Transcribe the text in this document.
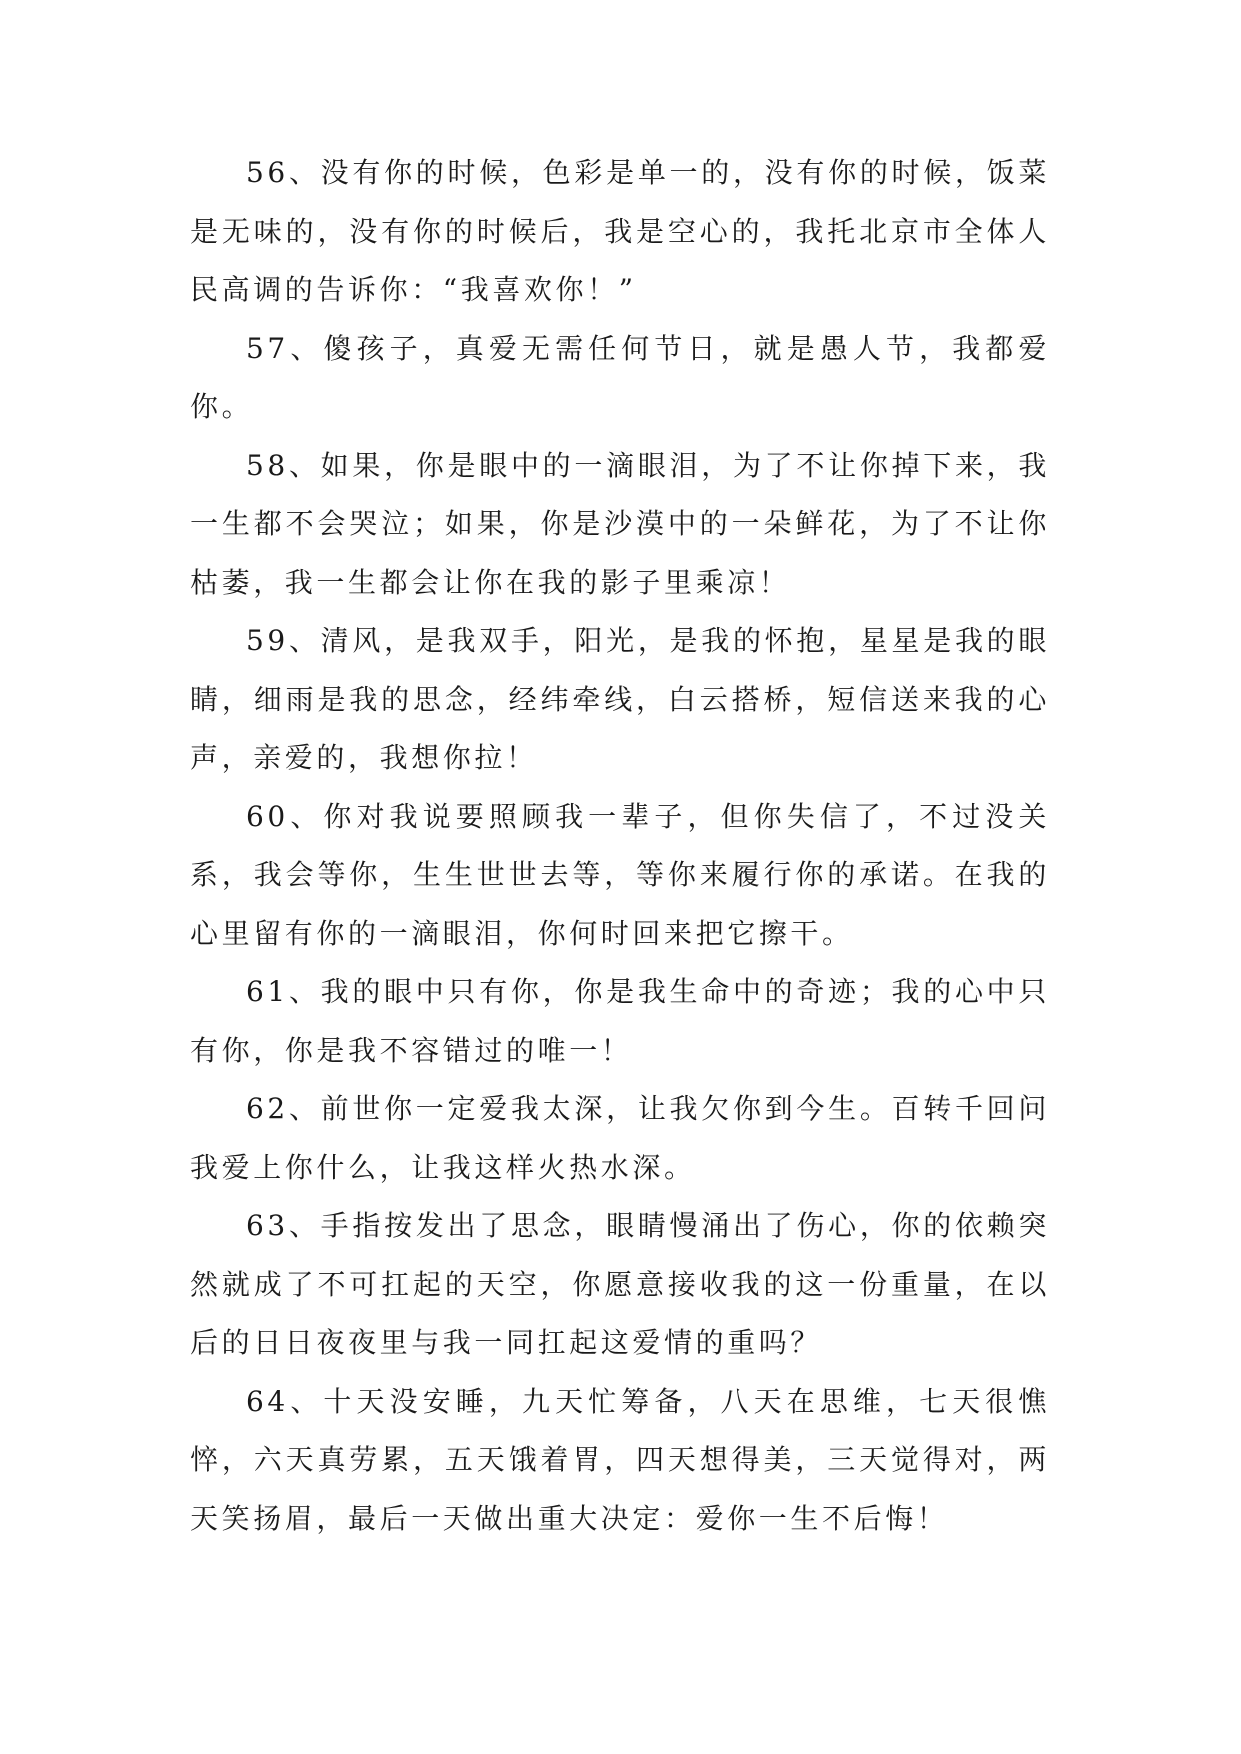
56、没有你的时候，色彩是单一的，没有你的时候，饭菜是无味的，没有你的时候后，我是空心的，我托北京市全体人民高调的告诉你：“我喜欢你！”

57、傻孩子，真爱无需任何节日，就是愚人节，我都爱你。

58、如果，你是眼中的一滴眼泪，为了不让你掉下来，我一生都不会哭泣；如果，你是沙漠中的一朵鲜花，为了不让你枯萎，我一生都会让你在我的影子里乘凉！

59、清风，是我双手，阳光，是我的怀抱，星星是我的眼睛，细雨是我的思念，经纬牵线，白云搭桥，短信送来我的心声，亲爱的，我想你拉！

60、你对我说要照顾我一辈子，但你失信了，不过没关系，我会等你，生生世世去等，等你来履行你的承诺。在我的心里留有你的一滴眼泪，你何时回来把它擦干。

61、我的眼中只有你，你是我生命中的奇迹；我的心中只有你，你是我不容错过的唯一！

62、前世你一定爱我太深，让我欠你到今生。百转千回问我爱上你什么，让我这样火热水深。

63、手指按发出了思念，眼睛慢涌出了伤心，你的依赖突然就成了不可扛起的天空，你愿意接收我的这一份重量，在以后的日日夜夜里与我一同扛起这爱情的重吗？

64、十天没安睡，九天忙筹备，八天在思维，七天很憔悴，六天真劳累，五天饿着胃，四天想得美，三天觉得对，两天笑扬眉，最后一天做出重大决定：爱你一生不后悔！
